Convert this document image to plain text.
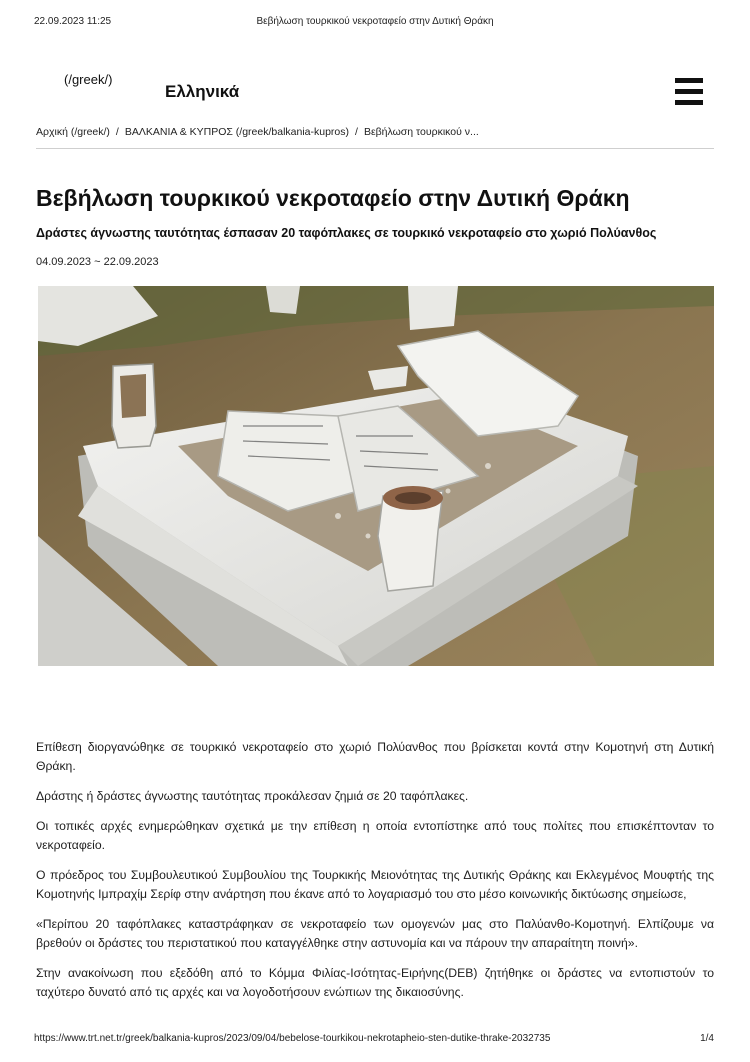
22.09.2023 11:25	Βεβήλωση τουρκικού νεκροταφείο στην Δυτική Θράκη
(/greek/)
Ελληνικά
Αρχική (/greek/) / ΒΑΛΚΑΝΙΑ & ΚΥΠΡΟΣ (/greek/balkania-kupros) / Βεβήλωση τουρκικού ν...
Βεβήλωση τουρκικού νεκροταφείο στην Δυτική Θράκη
Δράστες άγνωστης ταυτότητας έσπασαν 20 ταφόπλακες σε τουρκικό νεκροταφείο στο χωριό Πολύανθος
04.09.2023 ~ 22.09.2023

Επίθεση διοργανώθηκε σε τουρκικό νεκροταφείο στο χωριό Πολύανθος που βρίσκεται κοντά στην Κομοτηνή στη Δυτική Θράκη.

Δράστης ή δράστες άγνωστης ταυτότητας προκάλεσαν ζημιά σε 20 ταφόπλακες.

Οι τοπικές αρχές ενημερώθηκαν σχετικά με την επίθεση η οποία εντοπίστηκε από τους πολίτες που επισκέπτονταν το νεκροταφείο.

Ο πρόεδρος του Συμβουλευτικού Συμβουλίου της Τουρκικής Μειονότητας της Δυτικής Θράκης και Εκλεγμένος Μουφτής της Κομοτηνής Ιμπραχίμ Σερίφ στην ανάρτηση που έκανε από το λογαριασμό του στο μέσο κοινωνικής δικτύωσης σημείωσε,

«Περίπου 20 ταφόπλακες καταστράφηκαν σε νεκροταφείο των ομογενών μας στο Παλύανθο-Κομοτηνή. Ελπίζουμε να βρεθούν οι δράστες του περιστατικού που καταγγέλθηκε στην αστυνομία και να πάρουν την απαραίτητη ποινή».

Στην ανακοίνωση που εξεδόθη από το Κόμμα Φιλίας-Ισότητας-Ειρήνης(DEB) ζητήθηκε οι δράστες να εντοπιστούν το ταχύτερο δυνατό από τις αρχές και να λογοδοτήσουν ενώπιων της δικαιοσύνης.

https://www.trt.net.tr/greek/balkania-kupros/2023/09/04/bebelose-tourkikou-nekrotapheio-sten-dutike-thrake-2032735	1/4
